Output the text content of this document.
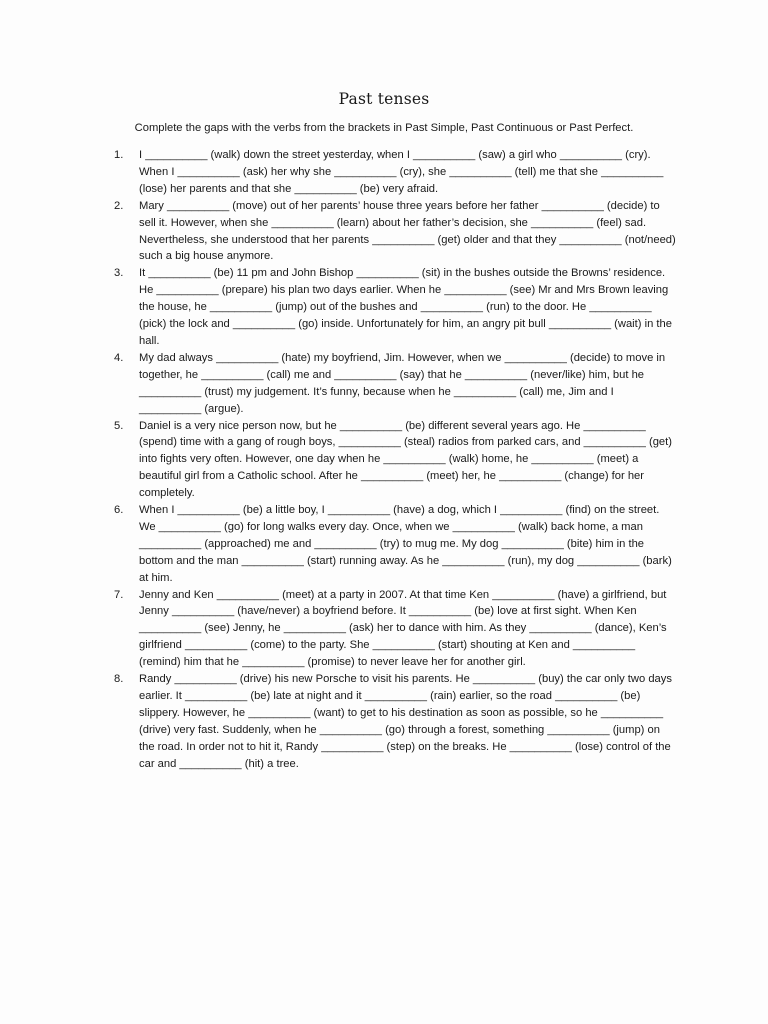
Past tenses

Complete the gaps with the verbs from the brackets in Past Simple, Past Continuous or Past Perfect.

1. I __________ (walk) down the street yesterday, when I __________ (saw) a girl who __________ (cry). When I __________ (ask) her why she __________ (cry), she __________ (tell) me that she __________ (lose) her parents and that she __________ (be) very afraid.
2. Mary __________ (move) out of her parents’ house three years before her father __________ (decide) to sell it. However, when she __________ (learn) about her father’s decision, she __________ (feel) sad. Nevertheless, she understood that her parents __________ (get) older and that they __________ (not/need) such a big house anymore.
3. It __________ (be) 11 pm and John Bishop __________ (sit) in the bushes outside the Browns’ residence. He __________ (prepare) his plan two days earlier. When he __________ (see) Mr and Mrs Brown leaving the house, he __________ (jump) out of the bushes and __________ (run) to the door. He __________ (pick) the lock and __________ (go) inside. Unfortunately for him, an angry pit bull __________ (wait) in the hall.
4. My dad always __________ (hate) my boyfriend, Jim. However, when we __________ (decide) to move in together, he __________ (call) me and __________ (say) that he __________ (never/like) him, but he __________ (trust) my judgement. It’s funny, because when he __________ (call) me, Jim and I __________ (argue).
5. Daniel is a very nice person now, but he __________ (be) different several years ago. He __________ (spend) time with a gang of rough boys, __________ (steal) radios from parked cars, and __________ (get) into fights very often. However, one day when he __________ (walk) home, he __________ (meet) a beautiful girl from a Catholic school. After he __________ (meet) her, he __________ (change) for her completely.
6. When I __________ (be) a little boy, I __________ (have) a dog, which I __________ (find) on the street. We __________ (go) for long walks every day. Once, when we __________ (walk) back home, a man __________ (approached) me and __________ (try) to mug me. My dog __________ (bite) him in the bottom and the man __________ (start) running away. As he __________ (run), my dog __________ (bark) at him.
7. Jenny and Ken __________ (meet) at a party in 2007. At that time Ken __________ (have) a girlfriend, but Jenny __________ (have/never) a boyfriend before. It __________ (be) love at first sight. When Ken __________ (see) Jenny, he __________ (ask) her to dance with him. As they __________ (dance), Ken’s girlfriend __________ (come) to the party. She __________ (start) shouting at Ken and __________ (remind) him that he __________ (promise) to never leave her for another girl.
8. Randy __________ (drive) his new Porsche to visit his parents. He __________ (buy) the car only two days earlier. It __________ (be) late at night and it __________ (rain) earlier, so the road __________ (be) slippery. However, he __________ (want) to get to his destination as soon as possible, so he __________ (drive) very fast. Suddenly, when he __________ (go) through a forest, something __________ (jump) on the road. In order not to hit it, Randy __________ (step) on the breaks. He __________ (lose) control of the car and __________ (hit) a tree.
